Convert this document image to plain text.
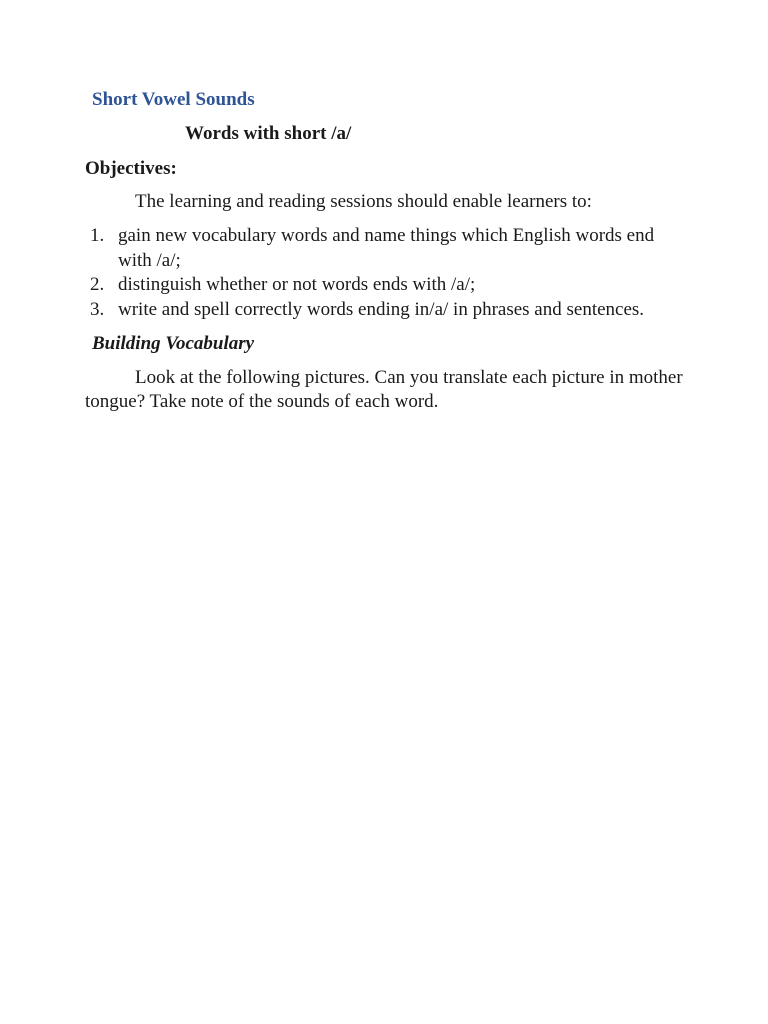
Short Vowel Sounds
Words with short /a/
Objectives:

The learning and reading sessions should enable learners to:

1. gain new vocabulary words and name things which English words end with /a/;
2. distinguish whether or not words ends with /a/;
3. write and spell correctly words ending in/a/ in phrases and sentences.
Building Vocabulary

Look at the following pictures. Can you translate each picture in mother tongue? Take note of the sounds of each word.
